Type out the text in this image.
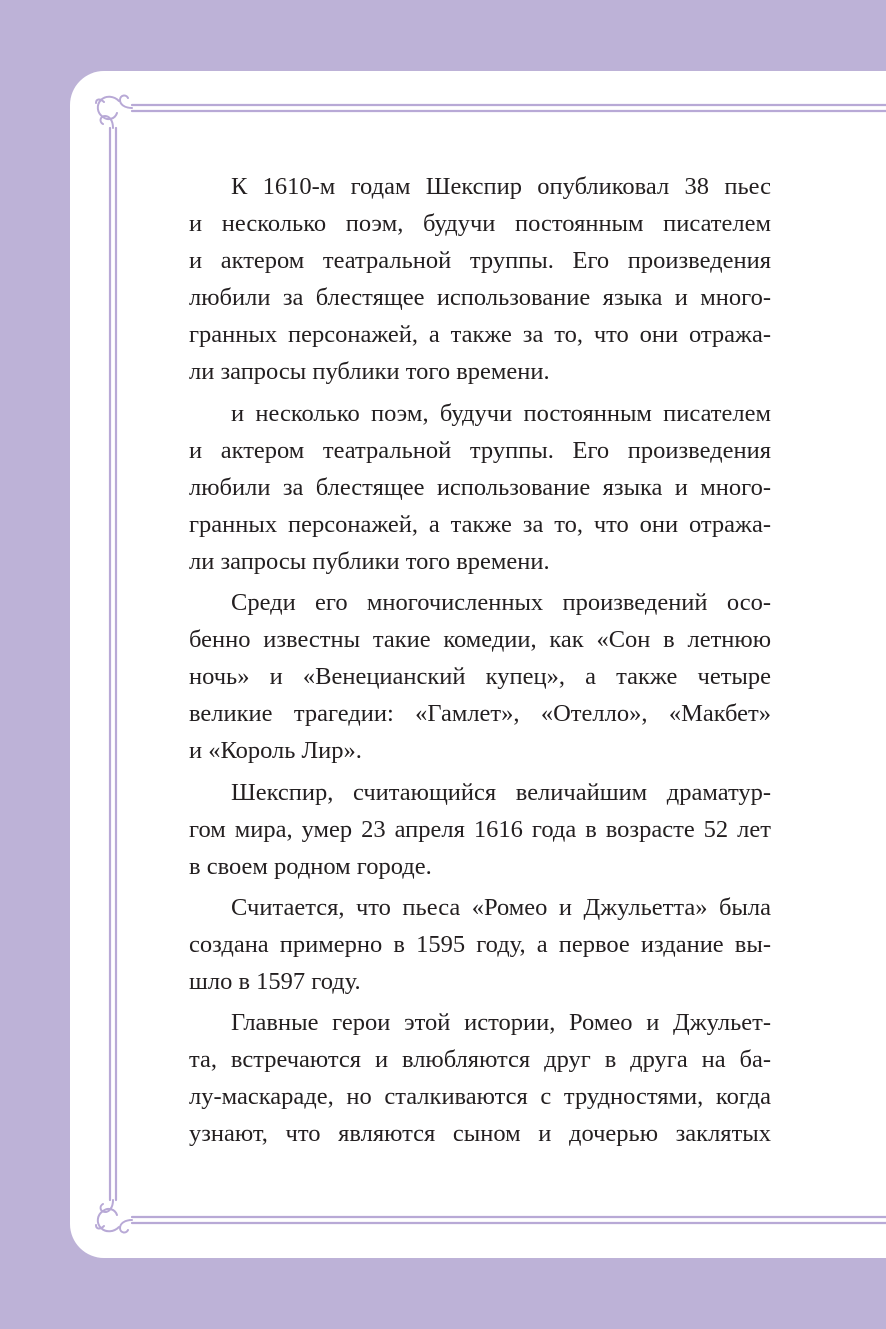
К 1610-м годам Шекспир опубликовал 38 пьес
и несколько поэм, будучи постоянным писателем
и актером театральной труппы. Его произведения
любили за блестящее использование языка и много-
гранных персонажей, а также за то, что они отража-
ли запросы публики того времени.
и несколько поэм, будучи постоянным писателем
и актером театральной труппы. Его произведения
любили за блестящее использование языка и много-
гранных персонажей, а также за то, что они отража-
ли запросы публики того времени.
Среди его многочисленных произведений осо-
бенно известны такие комедии, как «Сон в летнюю
ночь» и «Венецианский купец», а также четыре
великие трагедии: «Гамлет», «Отелло», «Макбет»
и «Король Лир».
Шекспир, считающийся величайшим драматур-
гом мира, умер 23 апреля 1616 года в возрасте 52 лет
в своем родном городе.
Считается, что пьеса «Ромео и Джульетта» была
создана примерно в 1595 году, а первое издание вы-
шло в 1597 году.
Главные герои этой истории, Ромео и Джульет-
та, встречаются и влюбляются друг в друга на ба-
лу-маскараде, но сталкиваются с трудностями, когда
узнают, что являются сыном и дочерью заклятых
